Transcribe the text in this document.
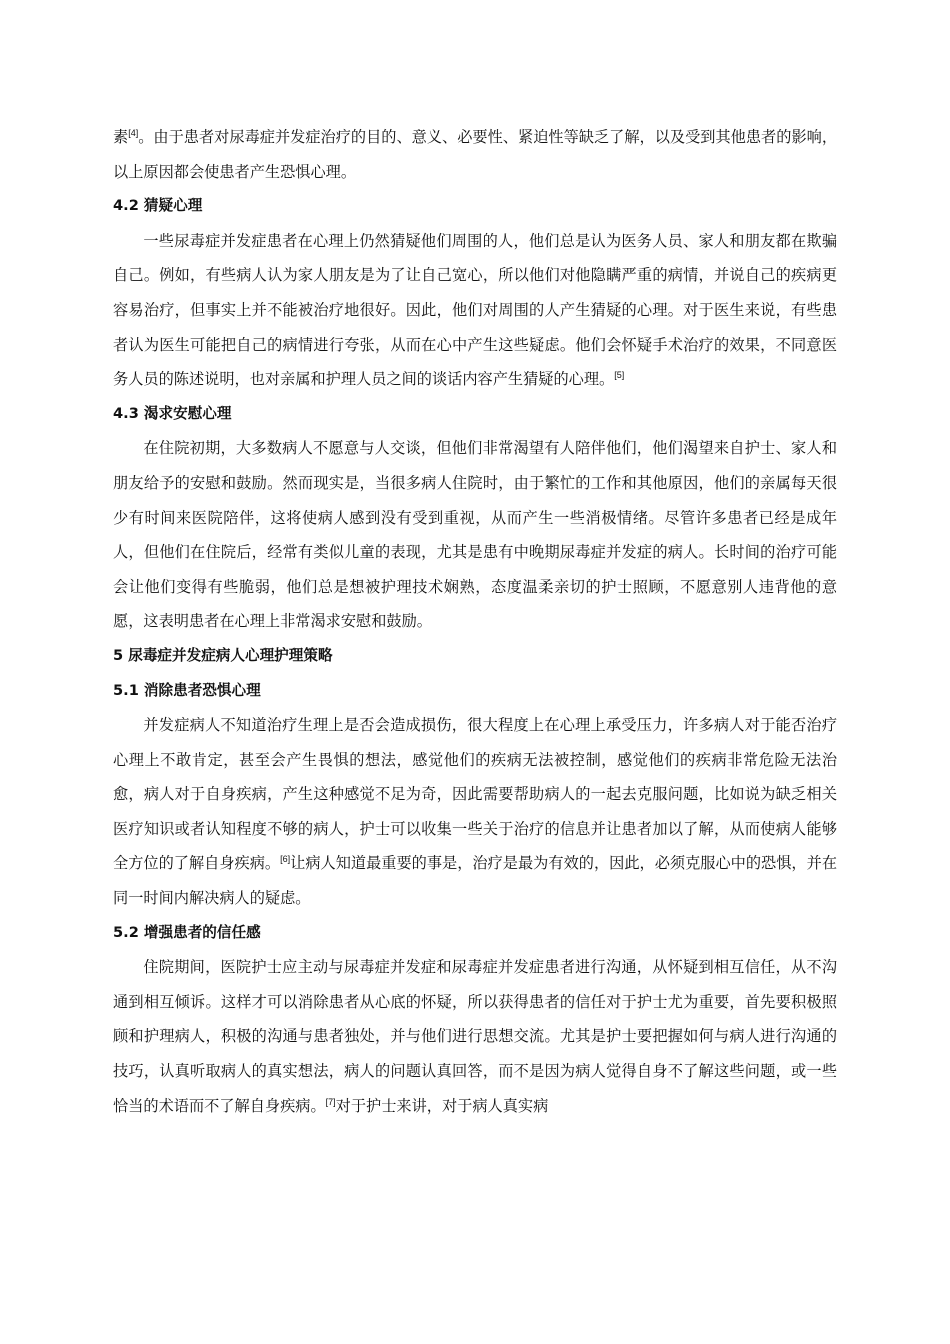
素[4]。由于患者对尿毒症并发症治疗的目的、意义、必要性、紧迫性等缺乏了解，以及受到其他患者的影响，以上原因都会使患者产生恐惧心理。

4.2 猜疑心理

一些尿毒症并发症患者在心理上仍然猜疑他们周围的人，他们总是认为医务人员、家人和朋友都在欺骗自己。例如，有些病人认为家人朋友是为了让自己宽心，所以他们对他隐瞒严重的病情，并说自己的疾病更容易治疗，但事实上并不能被治疗地很好。因此，他们对周围的人产生猜疑的心理。对于医生来说，有些患者认为医生可能把自己的病情进行夸张，从而在心中产生这些疑虑。他们会怀疑手术治疗的效果，不同意医务人员的陈述说明，也对亲属和护理人员之间的谈话内容产生猜疑的心理。[5]

4.3 渴求安慰心理

在住院初期，大多数病人不愿意与人交谈，但他们非常渴望有人陪伴他们，他们渴望来自护士、家人和朋友给予的安慰和鼓励。然而现实是，当很多病人住院时，由于繁忙的工作和其他原因，他们的亲属每天很少有时间来医院陪伴，这将使病人感到没有受到重视，从而产生一些消极情绪。尽管许多患者已经是成年人，但他们在住院后，经常有类似儿童的表现，尤其是患有中晚期尿毒症并发症的病人。长时间的治疗可能会让他们变得有些脆弱，他们总是想被护理技术娴熟，态度温柔亲切的护士照顾，不愿意别人违背他的意愿，这表明患者在心理上非常渴求安慰和鼓励。

5 尿毒症并发症病人心理护理策略
5.1 消除患者恐惧心理

并发症病人不知道治疗生理上是否会造成损伤，很大程度上在心理上承受压力，许多病人对于能否治疗心理上不敢肯定，甚至会产生畏惧的想法，感觉他们的疾病无法被控制，感觉他们的疾病非常危险无法治愈，病人对于自身疾病，产生这种感觉不足为奇，因此需要帮助病人的一起去克服问题，比如说为缺乏相关医疗知识或者认知程度不够的病人，护士可以收集一些关于治疗的信息并让患者加以了解，从而使病人能够全方位的了解自身疾病。[6]让病人知道最重要的事是，治疗是最为有效的，因此，必须克服心中的恐惧，并在同一时间内解决病人的疑虑。

5.2 增强患者的信任感

住院期间，医院护士应主动与尿毒症并发症和尿毒症并发症患者进行沟通，从怀疑到相互信任，从不沟通到相互倾诉。这样才可以消除患者从心底的怀疑，所以获得患者的信任对于护士尤为重要，首先要积极照顾和护理病人，积极的沟通与患者独处，并与他们进行思想交流。尤其是护士要把握如何与病人进行沟通的技巧，认真听取病人的真实想法，病人的问题认真回答，而不是因为病人觉得自身不了解这些问题，或一些恰当的术语而不了解自身疾病。[7]对于护士来讲，对于病人真实病
